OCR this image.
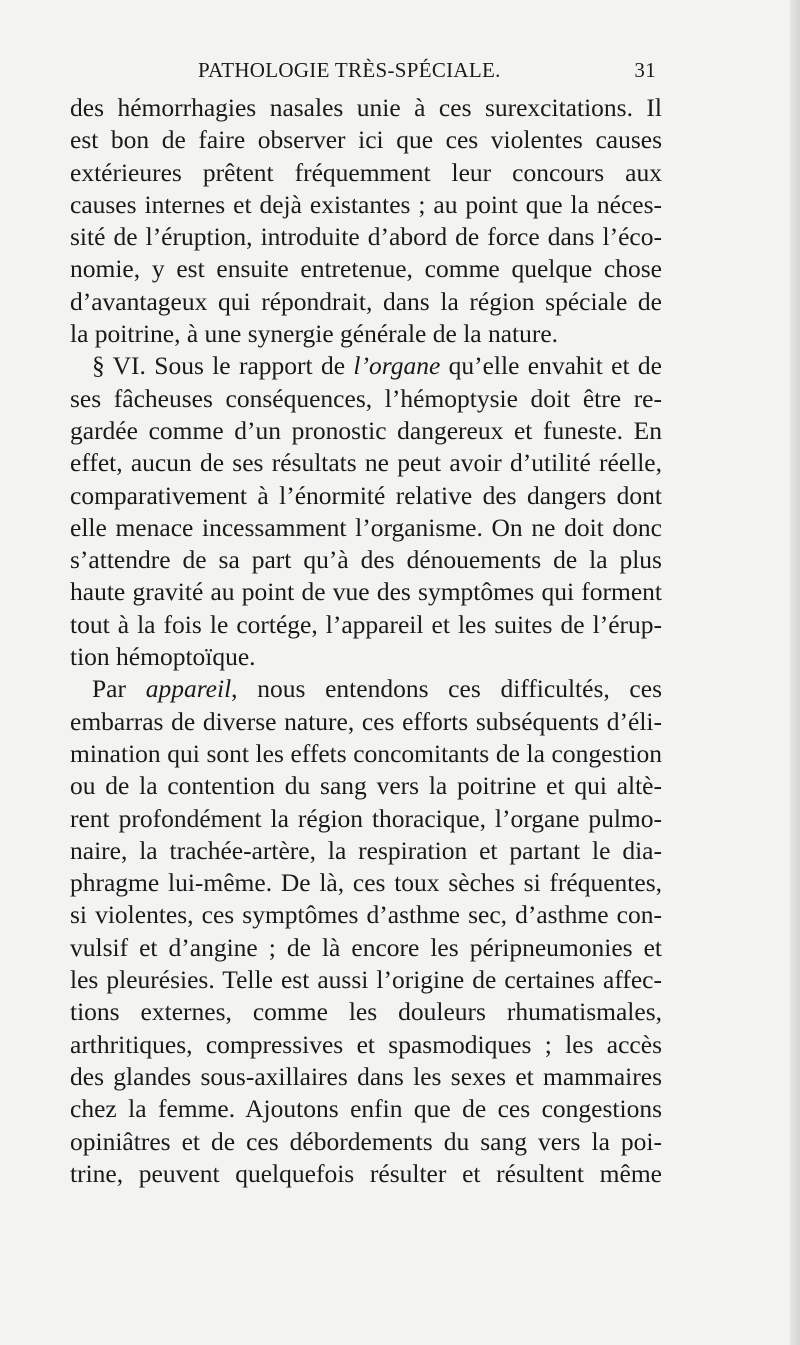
PATHOLOGIE TRÈS-SPÉCIALE.	31
des hémorrhagies nasales unie à ces surexcitations. Il
est bon de faire observer ici que ces violentes causes
extérieures prêtent fréquemment leur concours aux
causes internes et dejà existantes ; au point que la néces-
sité de l’éruption, introduite d’abord de force dans l’éco-
nomie, y est ensuite entretenue, comme quelque chose
d’avantageux qui répondrait, dans la région spéciale de
la poitrine, à une synergie générale de la nature.
§ VI. Sous le rapport de l’organe qu’elle envahit et de
ses fâcheuses conséquences, l’hémoptysie doit être re-
gardée comme d’un pronostic dangereux et funeste. En
effet, aucun de ses résultats ne peut avoir d’utilité réelle,
comparativement à l’énormité relative des dangers dont
elle menace incessamment l’organisme. On ne doit donc
s’attendre de sa part qu’à des dénouements de la plus
haute gravité au point de vue des symptômes qui forment
tout à la fois le cortége, l’appareil et les suites de l’érup-
tion hémoptoïque.
Par appareil, nous entendons ces difficultés, ces
embarras de diverse nature, ces efforts subséquents d’éli-
mination qui sont les effets concomitants de la congestion
ou de la contention du sang vers la poitrine et qui altè-
rent profondément la région thoracique, l’organe pulmo-
naire, la trachée-artère, la respiration et partant le dia-
phragme lui-même. De là, ces toux sèches si fréquentes,
si violentes, ces symptômes d’asthme sec, d’asthme con-
vulsif et d’angine ; de là encore les péripneumonies et
les pleurésies. Telle est aussi l’origine de certaines affec-
tions externes, comme les douleurs rhumatismales,
arthritiques, compressives et spasmodiques ; les accès
des glandes sous-axillaires dans les sexes et mammaires
chez la femme. Ajoutons enfin que de ces congestions
opiniâtres et de ces débordements du sang vers la poi-
trine, peuvent quelquefois résulter et résultent même
